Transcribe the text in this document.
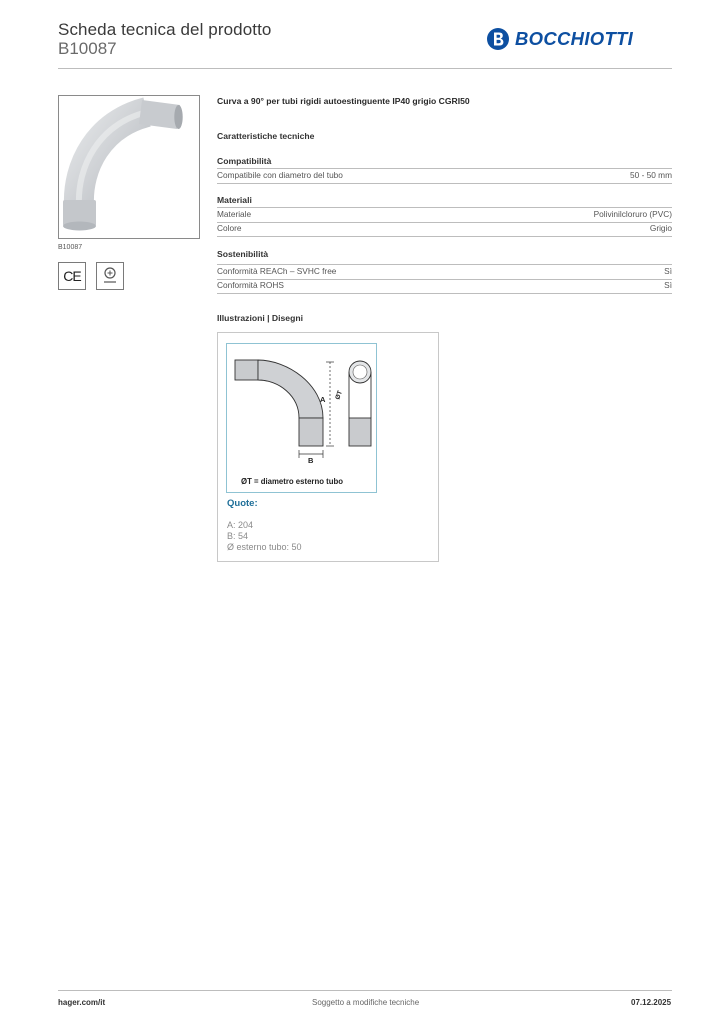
Scheda tecnica del prodotto
B10087	BOCCHIOTTI
B10087
CE
Curva a 90° per tubi rigidi autoestinguente IP40 grigio CGRI50
Caratteristiche tecniche
Compatibilità
Compatibile con diametro del tubo	50 - 50 mm
Materiali
Materiale	Polivinilcloruro (PVC)
Colore	Grigio
Sostenibilità
Conformità REACh – SVHC free	Sì
Conformità ROHS	Sì
Illustrazioni | Disegni
A
B
ØT
ØT = diametro esterno tubo
Quote:
A: 204
B: 54
Ø esterno tubo: 50
hager.com/it	Soggetto a modifiche tecniche	07.12.2025
